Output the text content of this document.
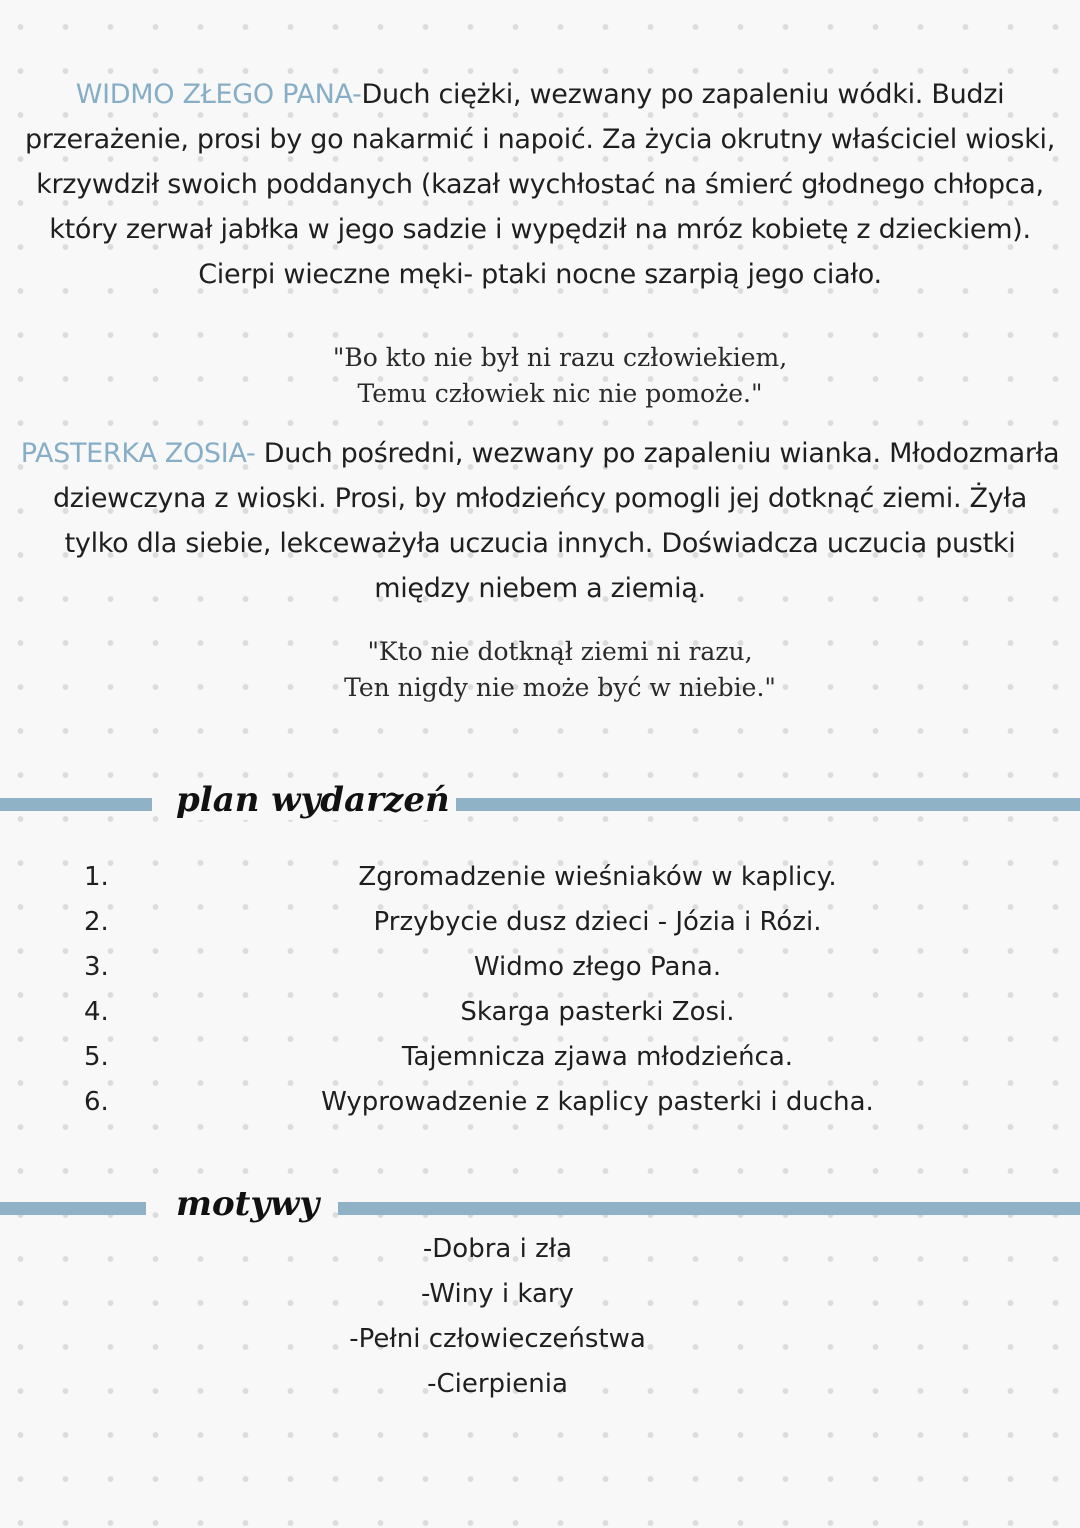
WIDMO ZŁEGO PANA-Duch ciężki, wezwany po zapaleniu wódki. Budzi przerażenie, prosi by go nakarmić i napoić. Za życia okrutny właściciel wioski, krzywdził swoich poddanych (kazał wychłostać na śmierć głodnego chłopca, który zerwał jabłka w jego sadzie i wypędził na mróz kobietę z dzieckiem). Cierpi wieczne męki- ptaki nocne szarpią jego ciało.
"Bo kto nie był ni razu człowiekiem,
Temu człowiek nic nie pomoże."
PASTERKA ZOSIA- Duch pośredni, wezwany po zapaleniu wianka. Młodozmarła dziewczyna z wioski. Prosi, by młodzieńcy pomogli jej dotknąć ziemi. Żyła tylko dla siebie, lekceważyła uczucia innych. Doświadcza uczucia pustki między niebem a ziemią.
"Kto nie dotknął ziemi ni razu,
Ten nigdy nie może być w niebie."
plan wydarzeń
1.	Zgromadzenie wieśniaków w kaplicy.
2.	Przybycie dusz dzieci - Józia i Rózi.
3.	Widmo złego Pana.
4.	Skarga pasterki Zosi.
5.	Tajemnicza zjawa młodzieńca.
6.	Wyprowadzenie z kaplicy pasterki i ducha.
motywy
-Dobra i zła
-Winy i kary
-Pełni człowieczeństwa
-Cierpienia
